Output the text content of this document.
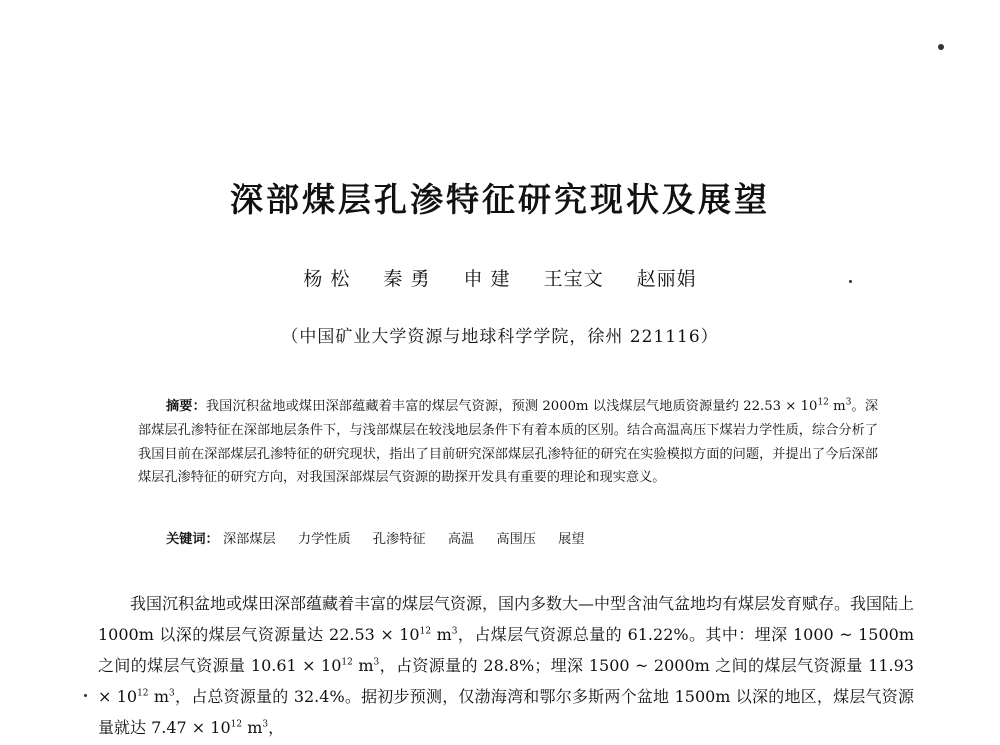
深部煤层孔渗特征研究现状及展望
杨 松 秦 勇 申 建 王宝文 赵丽娟
（中国矿业大学资源与地球科学学院，徐州 221116）
摘要：我国沉积盆地或煤田深部蕴藏着丰富的煤层气资源，预测 2000m 以浅煤层气地质资源量约 $22.53 \times 10^{12}$ $m^3$。深部煤层孔渗特征在深部地层条件下，与浅部煤层在较浅地层条件下有着本质的区别。结合高温高压下煤岩力学性质，综合分析了我国目前在深部煤层孔渗特征的研究现状，指出了目前研究深部煤层孔渗特征的研究在实验模拟方面的问题，并提出了今后深部煤层孔渗特征的研究方向，对我国深部煤层气资源的勘探开发具有重要的理论和现实意义。
关键词： 深部煤层 力学性质 孔渗特征 高温 高围压 展望

我国沉积盆地或煤田深部蕴藏着丰富的煤层气资源，国内多数大—中型含油气盆地均有煤层发育赋存。我国陆上 1000m 以深的煤层气资源量达 $22.53 \times 10^{12}$ $m^3$，占煤层气资源总量的 61.22%。其中：埋深 1000 ~ 1500m 之间的煤层气资源量 $10.61 \times 10^{12}$ $m^3$，占资源量的 28.8%；埋深 1500 ~ 2000m 之间的煤层气资源量 $11.93 \times 10^{12}$ $m^3$，占总资源量的 32.4%。据初步预测，仅渤海湾和鄂尔多斯两个盆地 1500m 以深的地区，煤层气资源量就达 $7.47 \times 10^{12}$ $m^3$，
